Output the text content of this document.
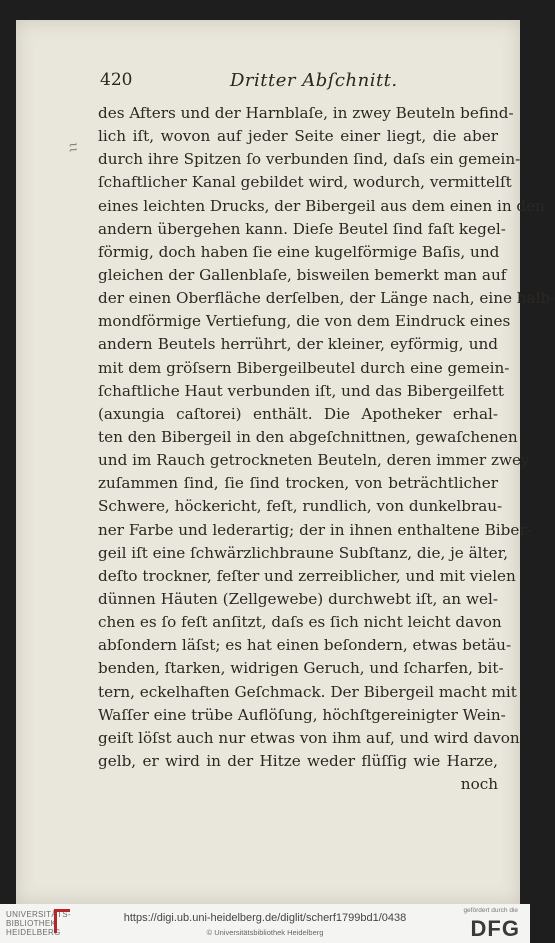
420	Dritter Abſchnitt.
ιι
des Afters und der Harnblaſe, in zwey Beuteln befind-
lich iſt, wovon auf jeder Seite einer liegt, die aber
durch ihre Spitzen ſo verbunden ſind, daſs ein gemein-
ſchaftlicher Kanal gebildet wird, wodurch, vermittelſt
eines leichten Drucks, der Bibergeil aus dem einen in den
andern übergehen kann. Dieſe Beutel ſind faſt kegel-
förmig, doch haben ſie eine kugelförmige Baſis, und
gleichen der Gallenblaſe, bisweilen bemerkt man auf
der einen Oberfläche derſelben, der Länge nach, eine halb-
mondförmige Vertiefung, die von dem Eindruck eines
andern Beutels herrührt, der kleiner, eyförmig, und
mit dem gröſsern Bibergeilbeutel durch eine gemein-
ſchaftliche Haut verbunden iſt, und das Bibergeilfett
(axungia caſtorei) enthält. Die Apotheker erhal-
ten den Bibergeil in den abgeſchnittnen, gewaſchenen
und im Rauch getrockneten Beuteln, deren immer zwey
zuſammen ſind, ſie ſind trocken, von beträchtlicher
Schwere, höckericht, feſt, rundlich, von dunkelbrau-
ner Farbe und lederartig; der in ihnen enthaltene Biber-
geil iſt eine ſchwärzlichbraune Subſtanz, die, je älter,
deſto trockner, feſter und zerreiblicher, und mit vielen
dünnen Häuten (Zellgewebe) durchwebt iſt, an wel-
chen es ſo feſt anſitzt, daſs es ſich nicht leicht davon
abſondern läſst; es hat einen beſondern, etwas betäu-
benden, ſtarken, widrigen Geruch, und ſcharfen, bit-
tern, eckelhaften Geſchmack. Der Bibergeil macht mit
Waſſer eine trübe Auflöſung, höchſtgereinigter Wein-
geiſt löſst auch nur etwas von ihm auf, und wird davon
gelb, er wird in der Hitze weder flüſſig wie Harze,
noch
UNIVERSITÄTS-
BIBLIOTHEK
HEIDELBERG
https://digi.ub.uni-heidelberg.de/diglit/scherf1799bd1/0438
© Universitätsbibliothek Heidelberg
gefördert durch die
DFG
